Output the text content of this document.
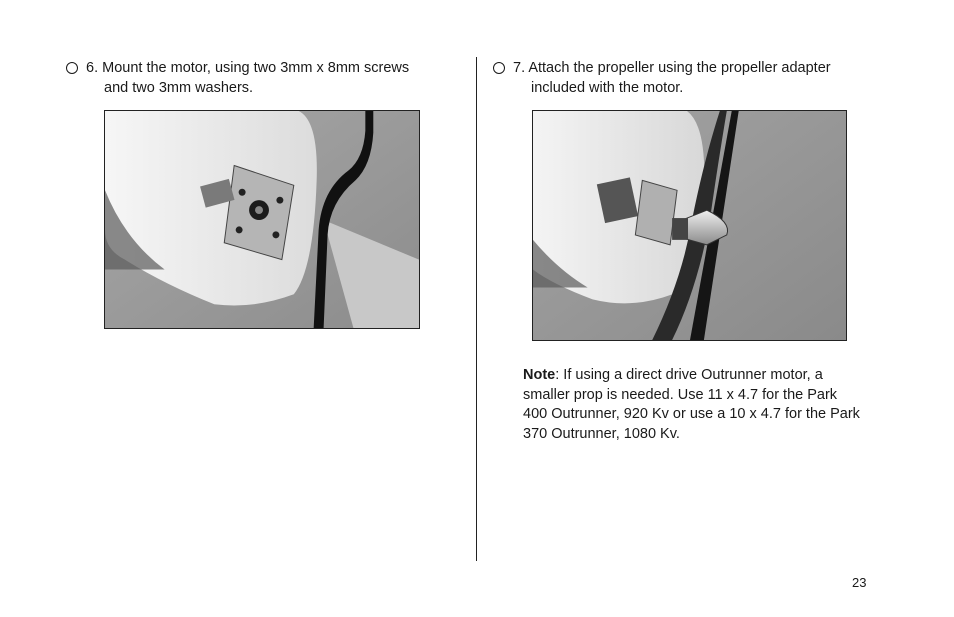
6. Mount the motor, using two 3mm x 8mm screws
and two 3mm washers.
7. Attach the propeller using the propeller adapter
included with the motor.
Note: If using a direct drive Outrunner motor, a smaller prop is needed. Use 11 x 4.7 for the Park 400 Outrunner, 920 Kv or use a 10 x 4.7 for the Park 370 Outrunner, 1080 Kv.
23
